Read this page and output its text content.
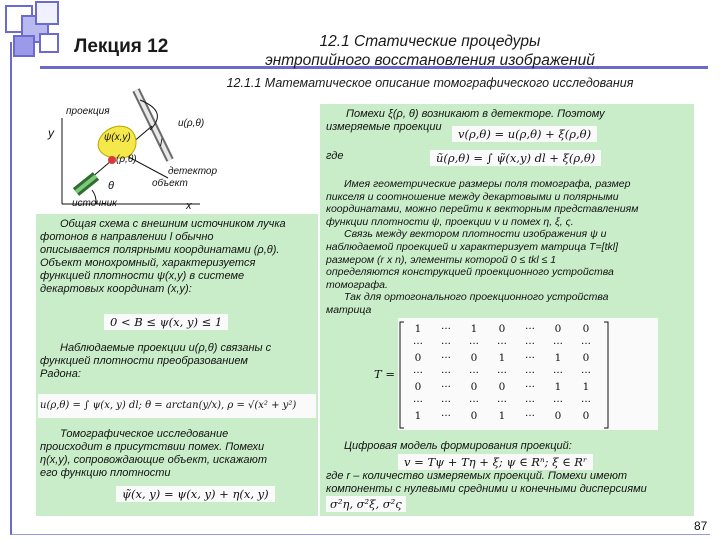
Лекция 12	12.1 Статические процедуры
энтропийного восстановления изображений
12.1.1 Математическое описание томографического исследования
проекция
y
u(ρ,θ)
ψ(x,y)
l
(ρ,θ)
детектор
объект
θ
источник	x
Общая схема с внешним источником лучка
фотонов в направлении l обычно
описывается полярными координатами (ρ,θ).
Объект монохромный, характеризуется
функцией плотности ψ(x,y) в системе
декартовых координат (x,y):
0 < B ≤ ψ(x, y) ≤ 1
Наблюдаемые проекции u(ρ,θ) связаны с
функцией плотности преобразованием
Радона:
u(ρ,θ) = ∫ ψ(x, y) dl; θ = arctan(y/x), ρ = √(x² + y²)
Томографическое исследование
происходит в присутствии помех. Помехи
η(x,y), сопровождающие объект, искажают
его функцию плотности
ψ̃(x, y) = ψ(x, y) + η(x, y)
Помехи ξ(ρ, θ) возникают в детекторе. Поэтому
измеряемые проекции	v(ρ,θ) = u(ρ,θ) + ξ(ρ,θ)
где	ũ(ρ,θ) = ∫ ψ̃(x,y) dl + ξ(ρ,θ)
Имея геометрические размеры поля томографа, размер
пикселя и соотношение между декартовыми и полярными
координатами, можно перейти к векторным представлениям
функции плотности ψ, проекции v и помех η, ξ, ς.
Связь между вектором плотности изображения ψ и
наблюдаемой проекцией и характеризует матрица T=[tkl]
размером (r x n), элементы которой 0 ≤ tkl ≤ 1
определяются конструкцией проекционного устройства
томографа.
Так для ортогонального проекционного устройства
матрица
T =
1	···	1	0	···	0	0
···	···	···	···	···	···	···
0	···	0	1	···	1	0
···	···	···	···	···	···	···
0	···	0	0	···	1	1
···	···	···	···	···	···	···
1	···	0	1	···	0	0
Цифровая модель формирования проекций:
v = Tψ + Tη + ξ; ψ ∈ Rⁿ; ξ ∈ Rʳ
где r – количество измеряемых проекций. Помехи имеют
компоненты с нулевыми средними и конечными дисперсиями
σ²η, σ²ξ, σ²ς
87
